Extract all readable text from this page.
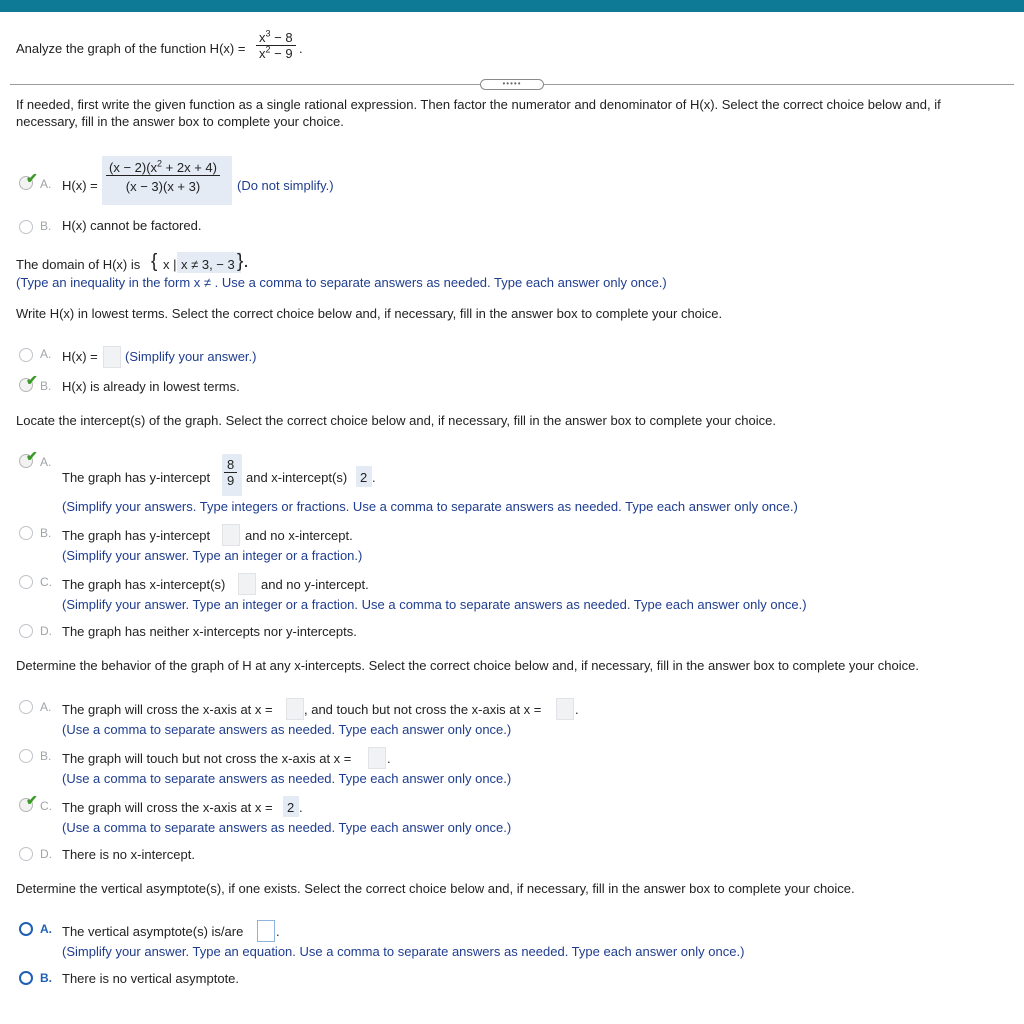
Analyze the graph of the function H(x) =
$x^3 - 8$
$x^2 - 9$ .
•••••
If needed, first write the given function as a single rational expression. Then factor the numerator and denominator of H(x). Select the correct choice below and, if
necessary, fill in the answer box to complete your choice.
✔ A. H(x) =
$(x - 2)(x^2 + 2x + 4)$
(x − 3)(x + 3)	(Do not simplify.)
B. H(x) cannot be factored.
The domain of H(x) is { x | x ≠ 3, − 3 }.
(Type an inequality in the form x ≠ . Use a comma to separate answers as needed. Type each answer only once.)
Write H(x) in lowest terms. Select the correct choice below and, if necessary, fill in the answer box to complete your choice.
A. H(x) = (Simplify your answer.)
✔ B. H(x) is already in lowest terms.
Locate the intercept(s) of the graph. Select the correct choice below and, if necessary, fill in the answer box to complete your choice.
✔ A.
The graph has y-intercept
8
9 and x-intercept(s) 2 .
(Simplify your answers. Type integers or fractions. Use a comma to separate answers as needed. Type each answer only once.)
B. The graph has y-intercept	and no x-intercept.
(Simplify your answer. Type an integer or a fraction.)
C. The graph has x-intercept(s)	and no y-intercept.
(Simplify your answer. Type an integer or a fraction. Use a comma to separate answers as needed. Type each answer only once.)
D. The graph has neither x-intercepts nor y-intercepts.
Determine the behavior of the graph of H at any x-intercepts. Select the correct choice below and, if necessary, fill in the answer box to complete your choice.
A. The graph will cross the x-axis at x = , and touch but not cross the x-axis at x =	.
(Use a comma to separate answers as needed. Type each answer only once.)
B. The graph will touch but not cross the x-axis at x =	.
(Use a comma to separate answers as needed. Type each answer only once.)
✔ C. The graph will cross the x-axis at x = 2 .
(Use a comma to separate answers as needed. Type each answer only once.)
D. There is no x-intercept.
Determine the vertical asymptote(s), if one exists. Select the correct choice below and, if necessary, fill in the answer box to complete your choice.
A. The vertical asymptote(s) is/are	.
(Simplify your answer. Type an equation. Use a comma to separate answers as needed. Type each answer only once.)
B. There is no vertical asymptote.
